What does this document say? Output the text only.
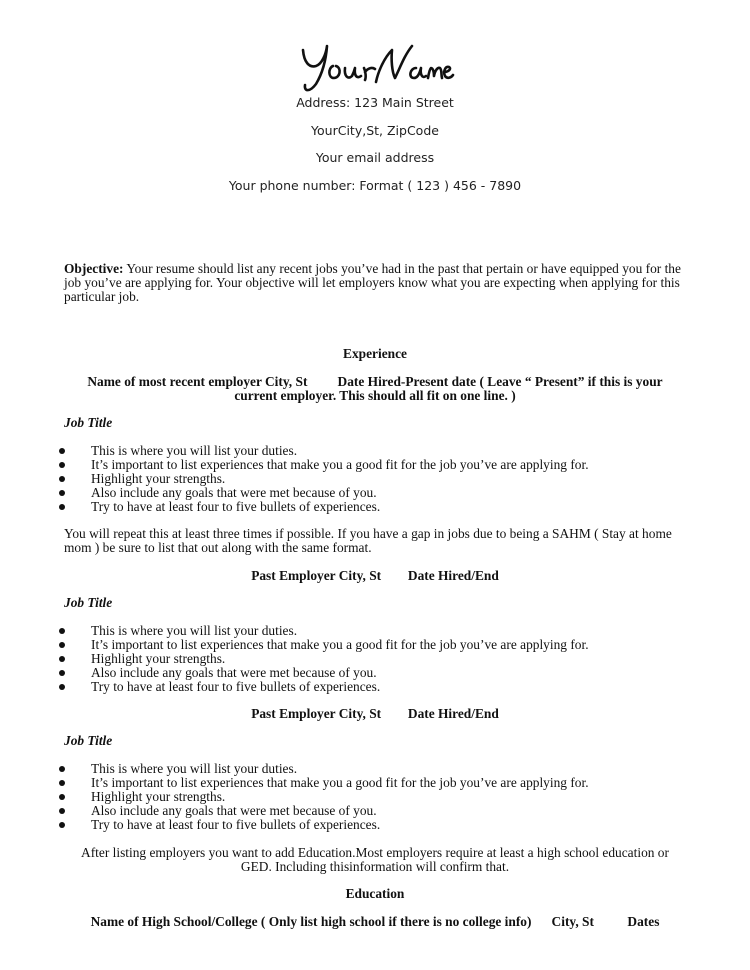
Address: 123 Main Street
YourCity,St, ZipCode
Your email address
Your phone number: Format ( 123 ) 456 - 7890
Objective: Your resume should list any recent jobs you’ve had in the past that pertain or have equipped you for the job you’ve are applying for. Your objective will let employers know what you are expecting when applying for this particular job.
Experience
Name of most recent employer City, St         Date Hired-Present date ( Leave “ Present” if this is your
current employer. This should all fit on one line. )
Job Title
This is where you will list your duties.
It’s important to list experiences that make you a good fit for the job you’ve are applying for.
Highlight your strengths.
Also include any goals that were met because of you.
Try to have at least four to five bullets of experiences.
You will repeat this at least three times if possible. If you have a gap in jobs due to being a SAHM ( Stay at home mom ) be sure to list that out along with the same format.
Past Employer City, St        Date Hired/End
Job Title
This is where you will list your duties.
It’s important to list experiences that make you a good fit for the job you’ve are applying for.
Highlight your strengths.
Also include any goals that were met because of you.
Try to have at least four to five bullets of experiences.
Past Employer City, St        Date Hired/End
Job Title
This is where you will list your duties.
It’s important to list experiences that make you a good fit for the job you’ve are applying for.
Highlight your strengths.
Also include any goals that were met because of you.
Try to have at least four to five bullets of experiences.
After listing employers you want to add Education.Most employers require at least a high school education or
GED. Including thisinformation will confirm that.
Education
Name of High School/College ( Only list high school if there is no college info)      City, St          Dates
